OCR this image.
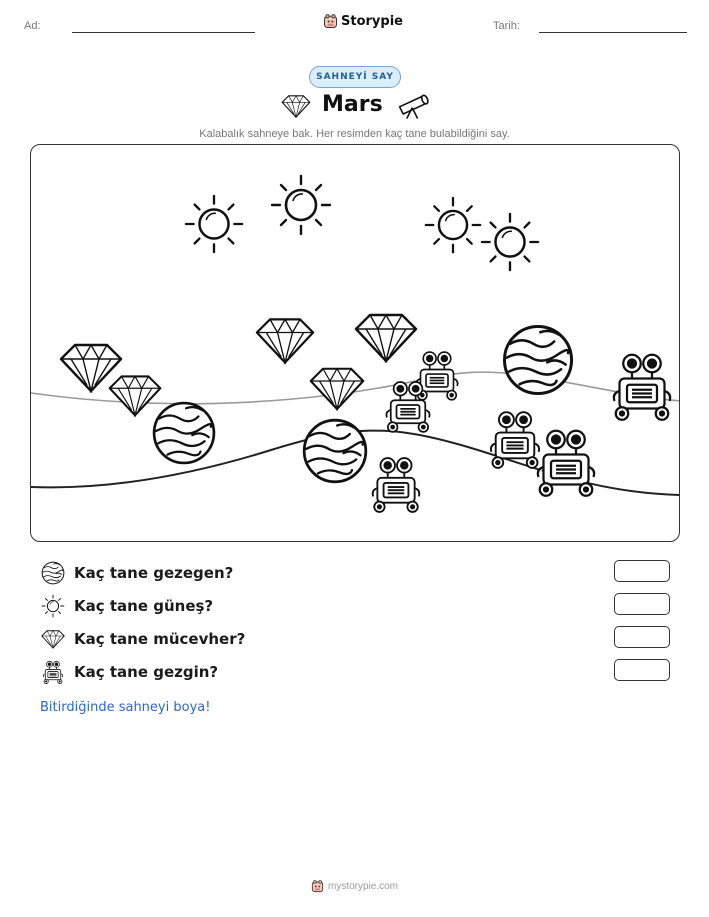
Ad:	Storypie	Tarih:
SAHNEYİ SAY
Mars
Kalabalık sahneye bak. Her resimden kaç tane bulabildiğini say.
Kaç tane gezegen?
Kaç tane güneş?
Kaç tane mücevher?
Kaç tane gezgin?
Bitirdiğinde sahneyi boya!
mystorypie.com
